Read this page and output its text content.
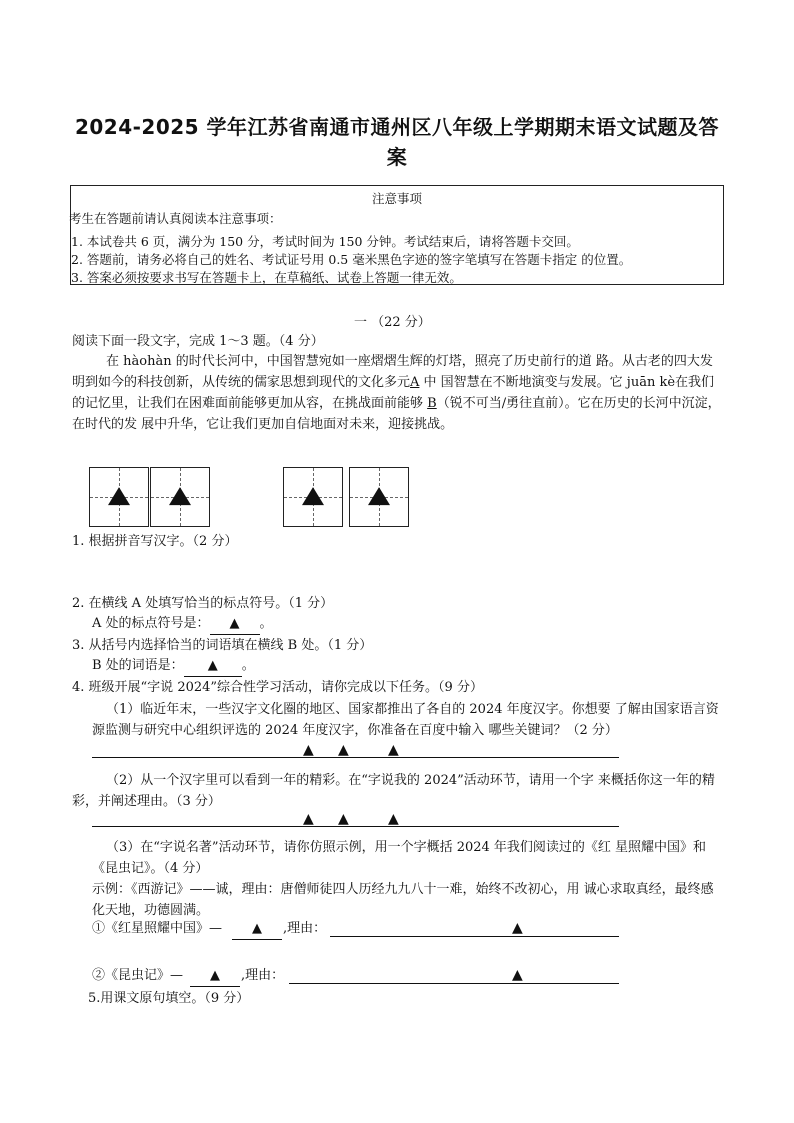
2024-2025 学年江苏省南通市通州区八年级上学期期末语文试题及答
案
注意事项
考生在答题前请认真阅读本注意事项：
1. 本试卷共 6 页，满分为 150 分，考试时间为 150 分钟。考试结束后，请将答题卡交回。
2. 答题前，请务必将自己的姓名、考试证号用 0.5 毫米黑色字迹的签字笔填写在答题卡指定 的位置。
3. 答案必须按要求书写在答题卡上，在草稿纸、试卷上答题一律无效。
一 （22 分）
阅读下面一段文字，完成 1～3 题。（4 分）
在 hàohàn 的时代长河中，中国智慧宛如一座熠熠生辉的灯塔，照亮了历史前行的道 路。从古老的四大发明到如今的科技创新，从传统的儒家思想到现代的文化多元A 中 国智慧在不断地演变与发展。它 juān kè在我们的记忆里，让我们在困难面前能够更加从容，在挑战面前能够 B（锐不可当/勇往直前）。它在历史的长河中沉淀，在时代的发 展中升华，它让我们更加自信地面对未来，迎接挑战。
1. 根据拼音写汉字。（2 分）
2. 在横线 A 处填写恰当的标点符号。（1 分）
A 处的标点符号是： ▲ 。
3. 从括号内选择恰当的词语填在横线 B 处。（1 分）
B 处的词语是： ▲ 。
4. 班级开展“字说 2024”综合性学习活动，请你完成以下任务。（9 分）
（1）临近年末，一些汉字文化圈的地区、国家都推出了各自的 2024 年度汉字。你想要 了解由国家语言资源监测与研究中心组织评选的 2024 年度汉字，你准备在百度中输入 哪些关键词？（2 分）
▲ ▲	▲
（2）从一个汉字里可以看到一年的精彩。在“字说我的 2024”活动环节，请用一个字 来概括你这一年的精彩，并阐述理由。（3 分）
▲ ▲	▲
（3）在“字说名著”活动环节，请你仿照示例，用一个字概括 2024 年我们阅读过的《红 星照耀中国》和《昆虫记》。（4 分）
示例：《西游记》——诚，理由：唐僧师徒四人历经九九八十一难，始终不改初心，用 诚心求取真经，最终感化天地，功德圆满。
①《红星照耀中国》—	▲	,理由：	▲
②《昆虫记》—	▲	,理由：	▲
5.用课文原句填空。（9 分）
